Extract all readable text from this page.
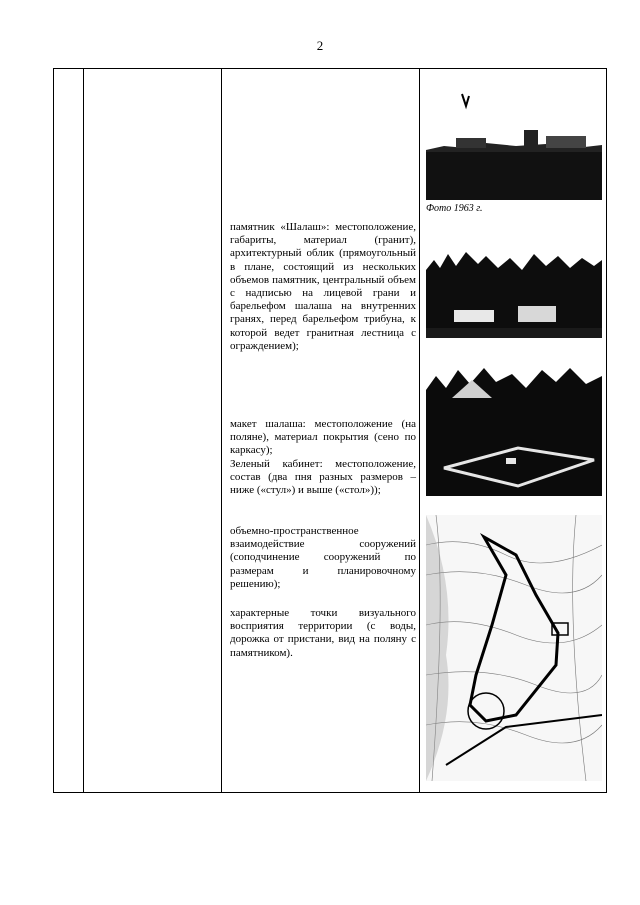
2
Фото 1963 г.

памятник «Шалаш»: местоположение, габариты, материал (гранит), архитектурный облик (прямоугольный в плане, состоящий из нескольких объемов памятник, центральный объем с надписью на лицевой грани и барельефом шалаша на внутренних гранях, перед барельефом трибуна, к которой ведет гранитная лестница с ограждением);

макет шалаша: местоположение (на поляне), материал покрытия (сено по каркасу);

Зеленый кабинет: местоположение, состав (два пня разных размеров – ниже («стул») и выше («стол»));

объемно-пространственное взаимодействие сооружений (соподчинение сооружений по размерам и планировочному решению);

характерные точки визуального восприятия территории (с воды, дорожка от пристани, вид на поляну с памятником).
